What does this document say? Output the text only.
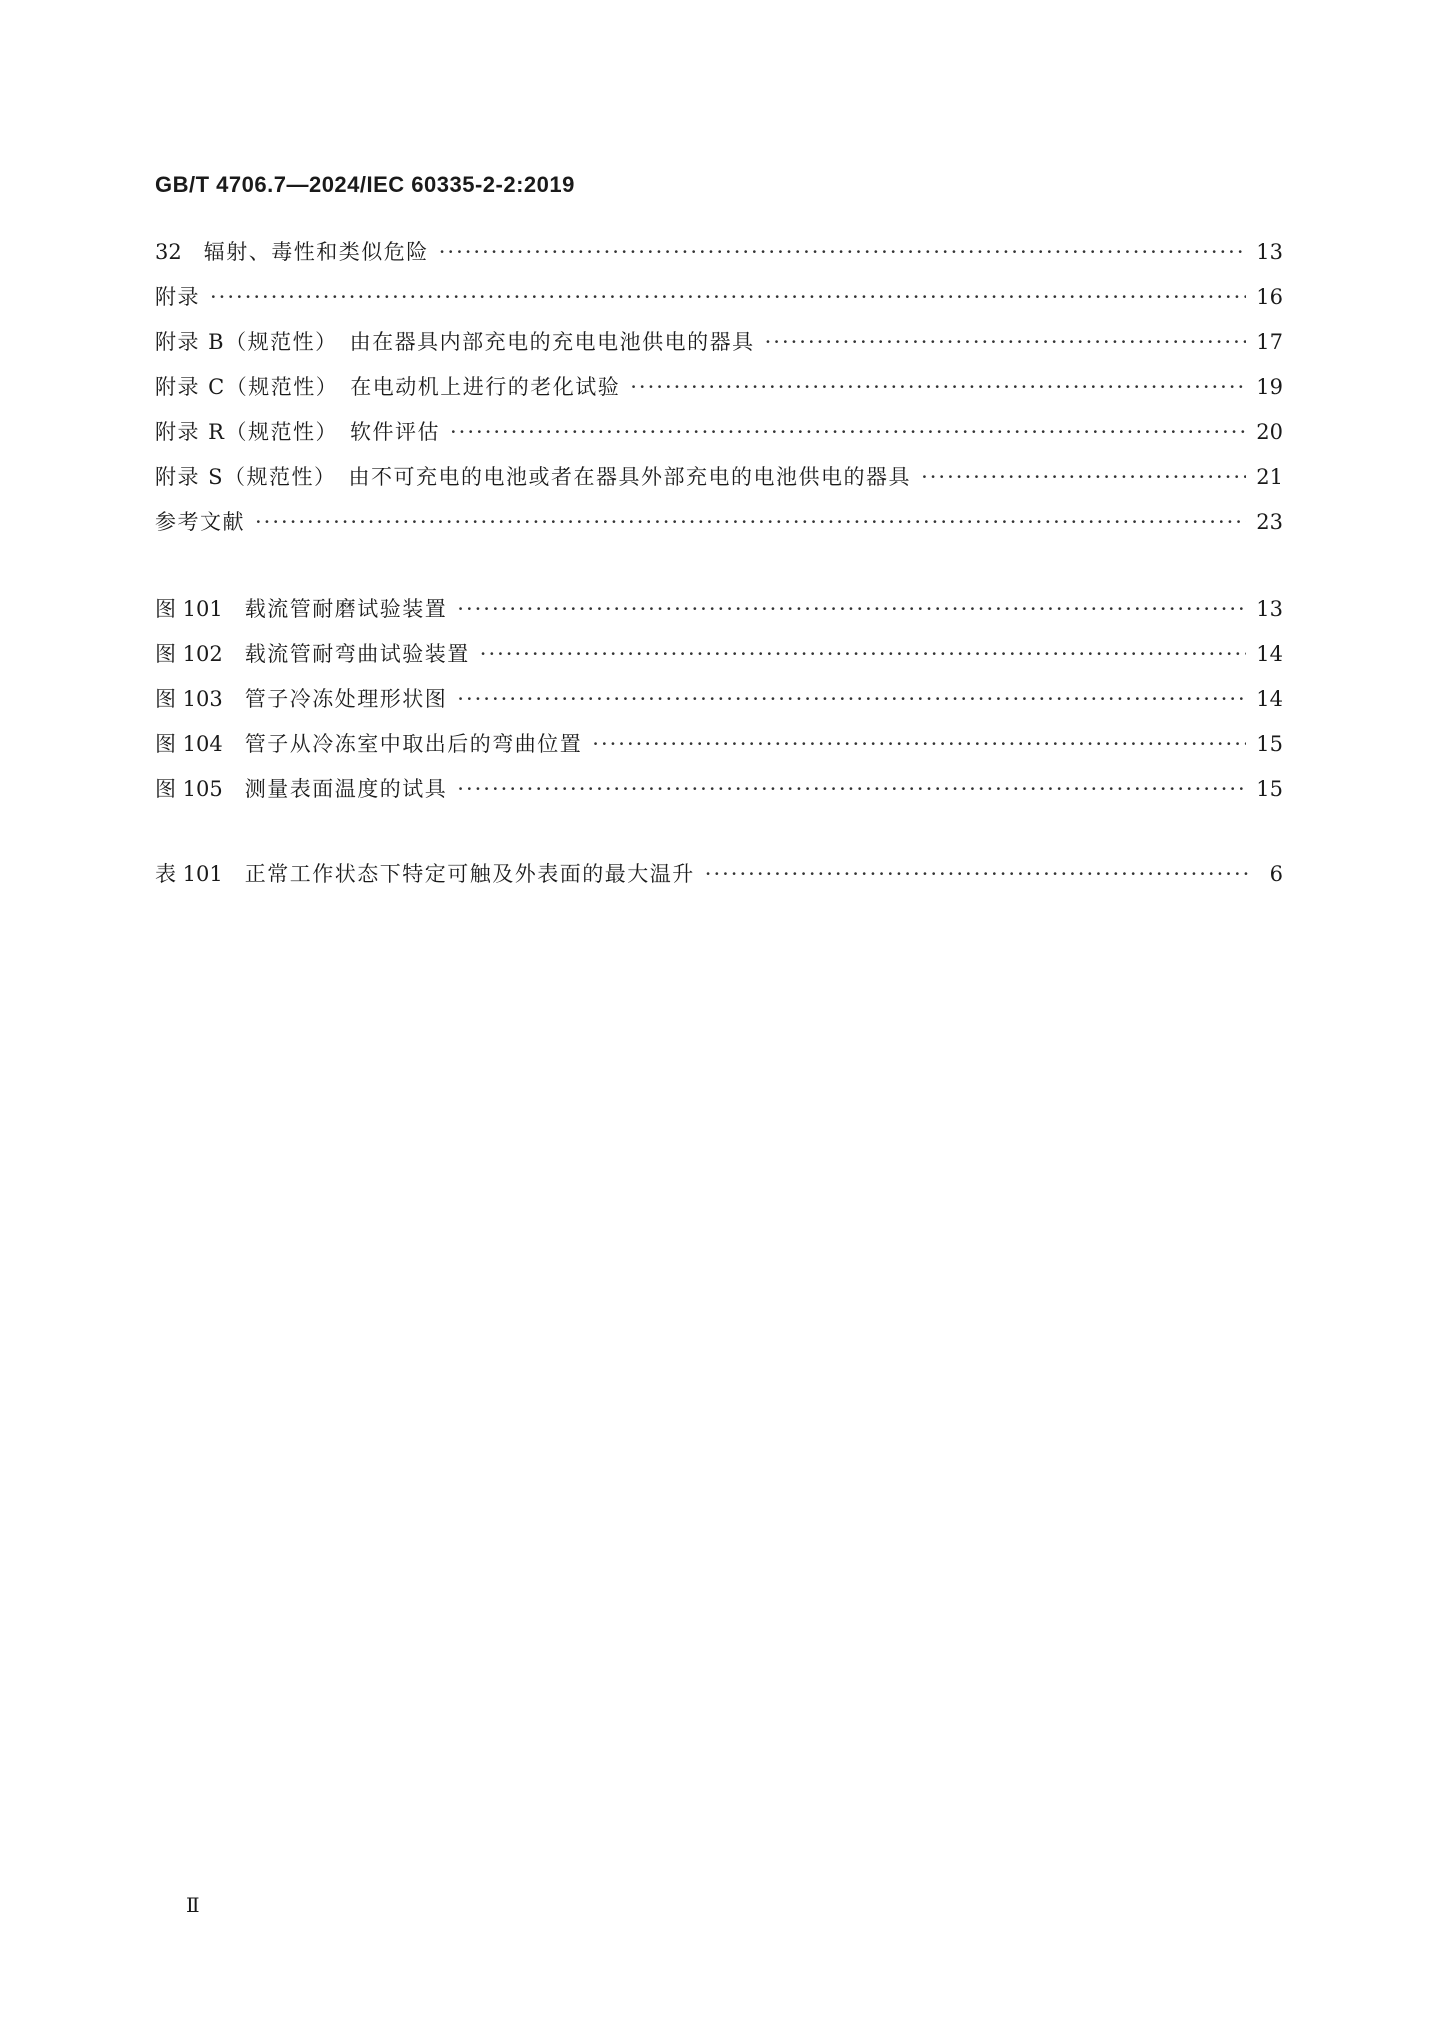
GB/T 4706.7—2024/IEC 60335-2-2:2019
32 辐射、毒性和类似危险 ·····	13
附录 ·····	16
附录 B（规范性）　由在器具内部充电的充电电池供电的器具 ·····	17
附录 C（规范性）　在电动机上进行的老化试验 ·····	19
附录 R（规范性）　软件评估 ·····	20
附录 S（规范性）　由不可充电的电池或者在器具外部充电的电池供电的器具 ·····	21
参考文献 ·····	23
图 101 载流管耐磨试验装置 ·····	13
图 102 载流管耐弯曲试验装置 ·····	14
图 103 管子冷冻处理形状图 ·····	14
图 104 管子从冷冻室中取出后的弯曲位置 ·····	15
图 105 测量表面温度的试具 ·····	15
表 101 正常工作状态下特定可触及外表面的最大温升 ·····	6
Ⅱ
